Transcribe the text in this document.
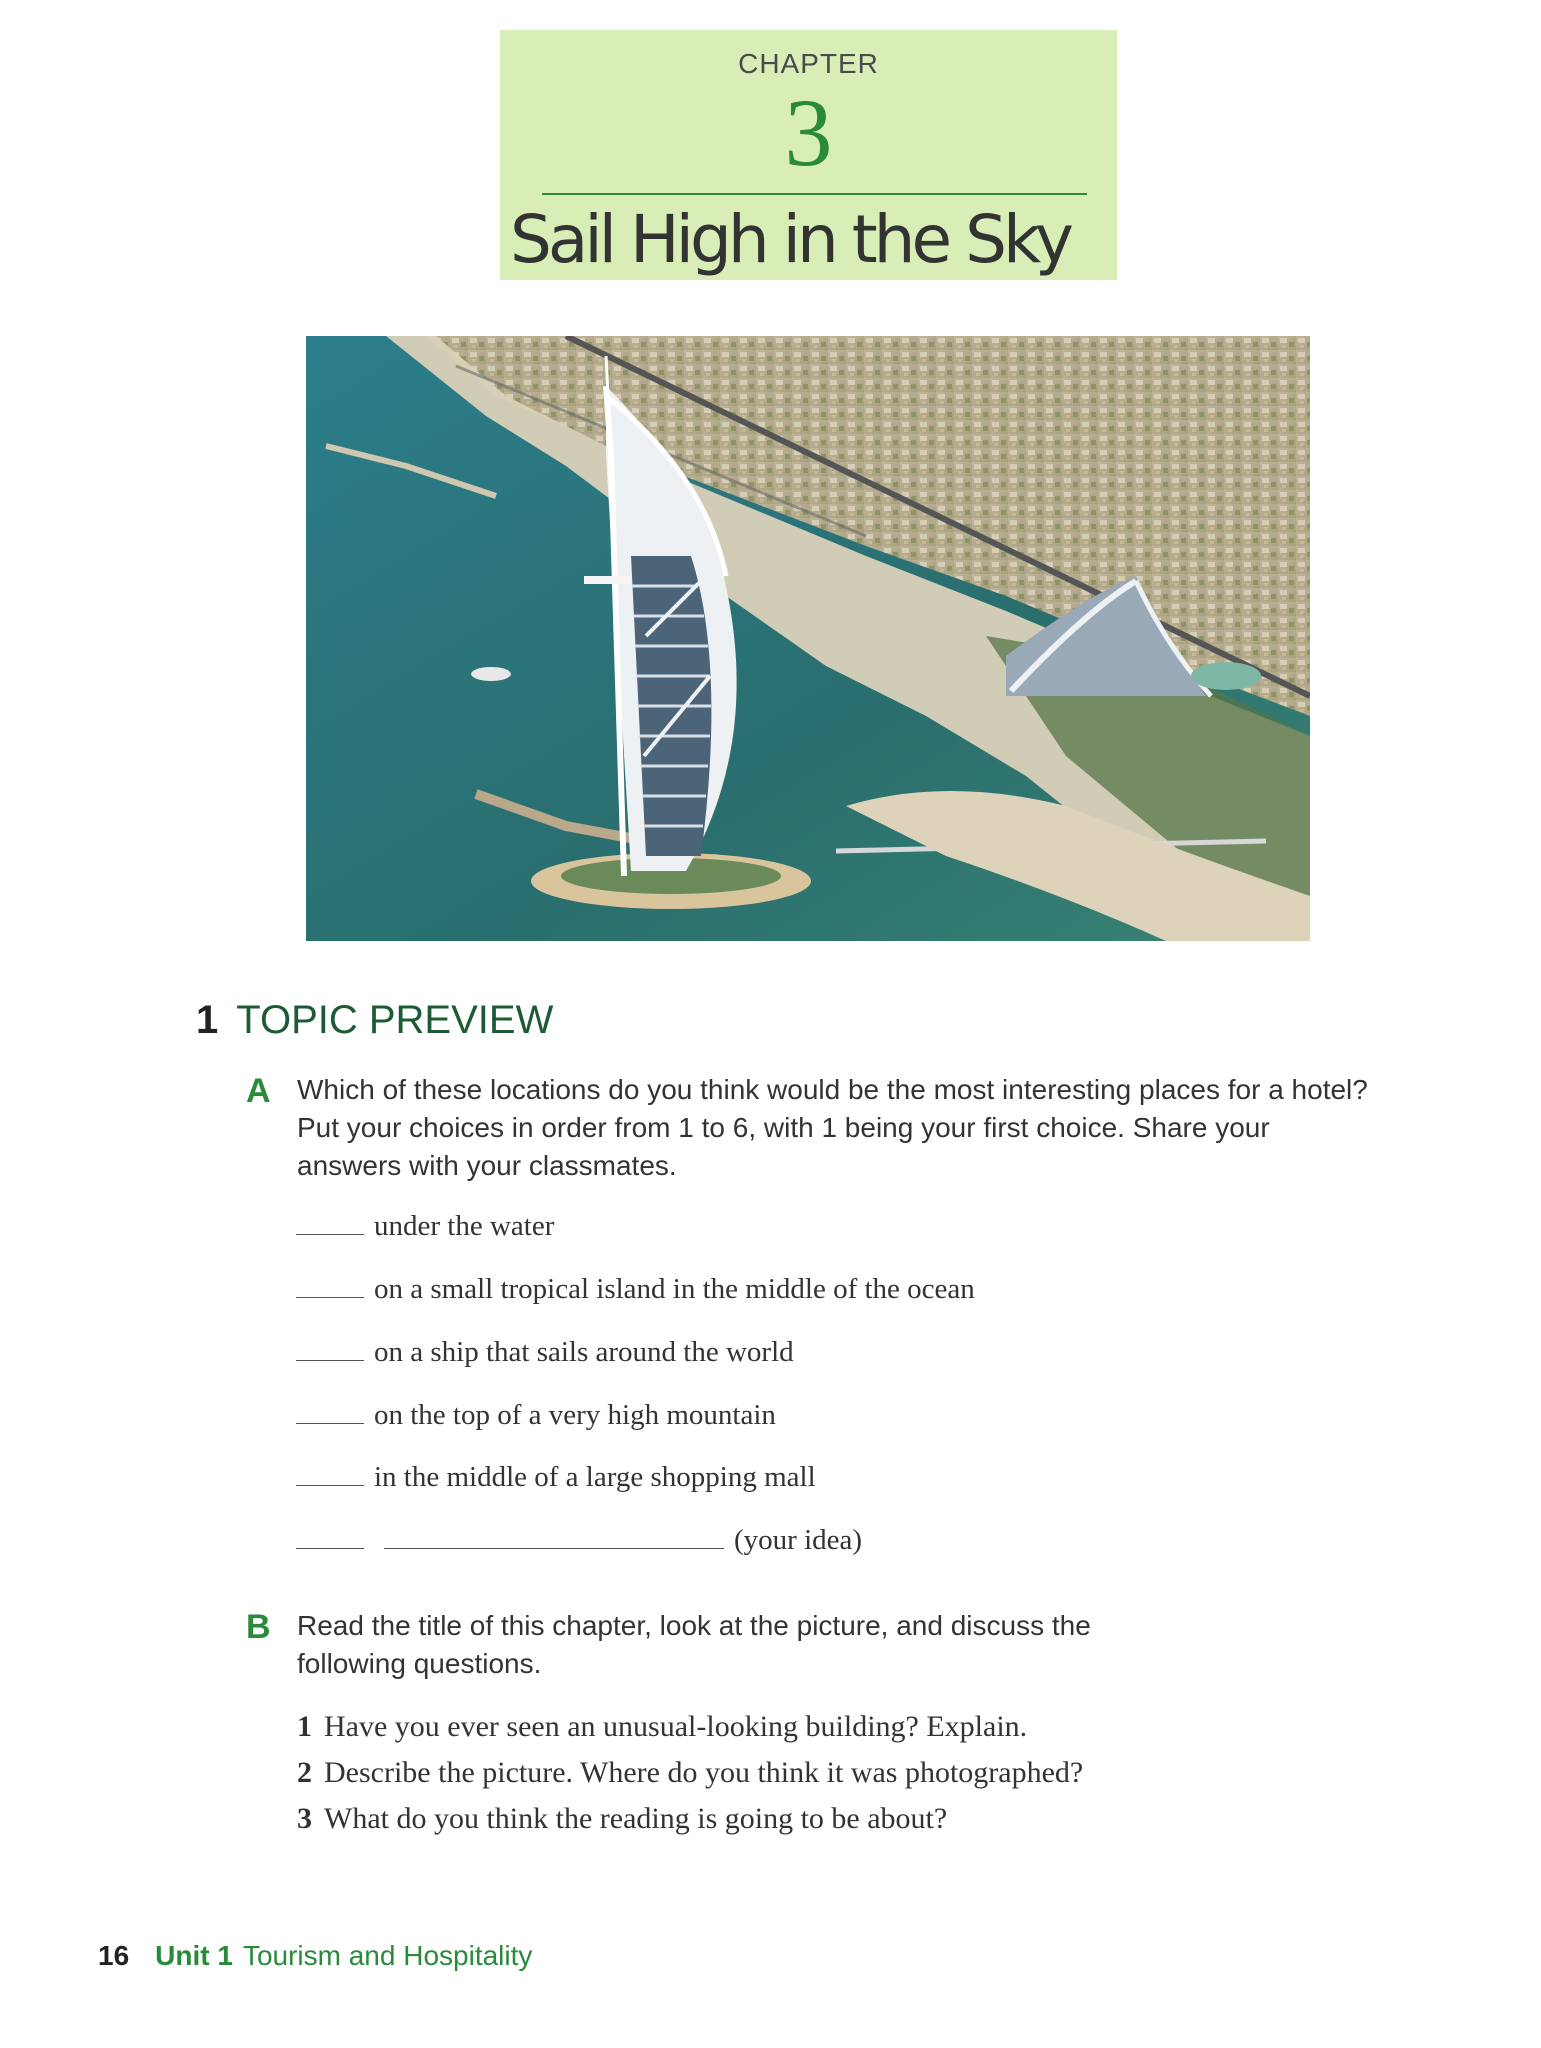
CHAPTER
3
Sail High in the Sky
1 TOPIC PREVIEW
A Which of these locations do you think would be the most interesting places for a hotel? Put your choices in order from 1 to 6, with 1 being your first choice. Share your answers with your classmates.
under the water
on a small tropical island in the middle of the ocean
on a ship that sails around the world
on the top of a very high mountain
in the middle of a large shopping mall
(your idea)
B Read the title of this chapter, look at the picture, and discuss the following questions.
1 Have you ever seen an unusual-looking building? Explain.
2 Describe the picture. Where do you think it was photographed?
3 What do you think the reading is going to be about?
16 Unit 1 Tourism and Hospitality
